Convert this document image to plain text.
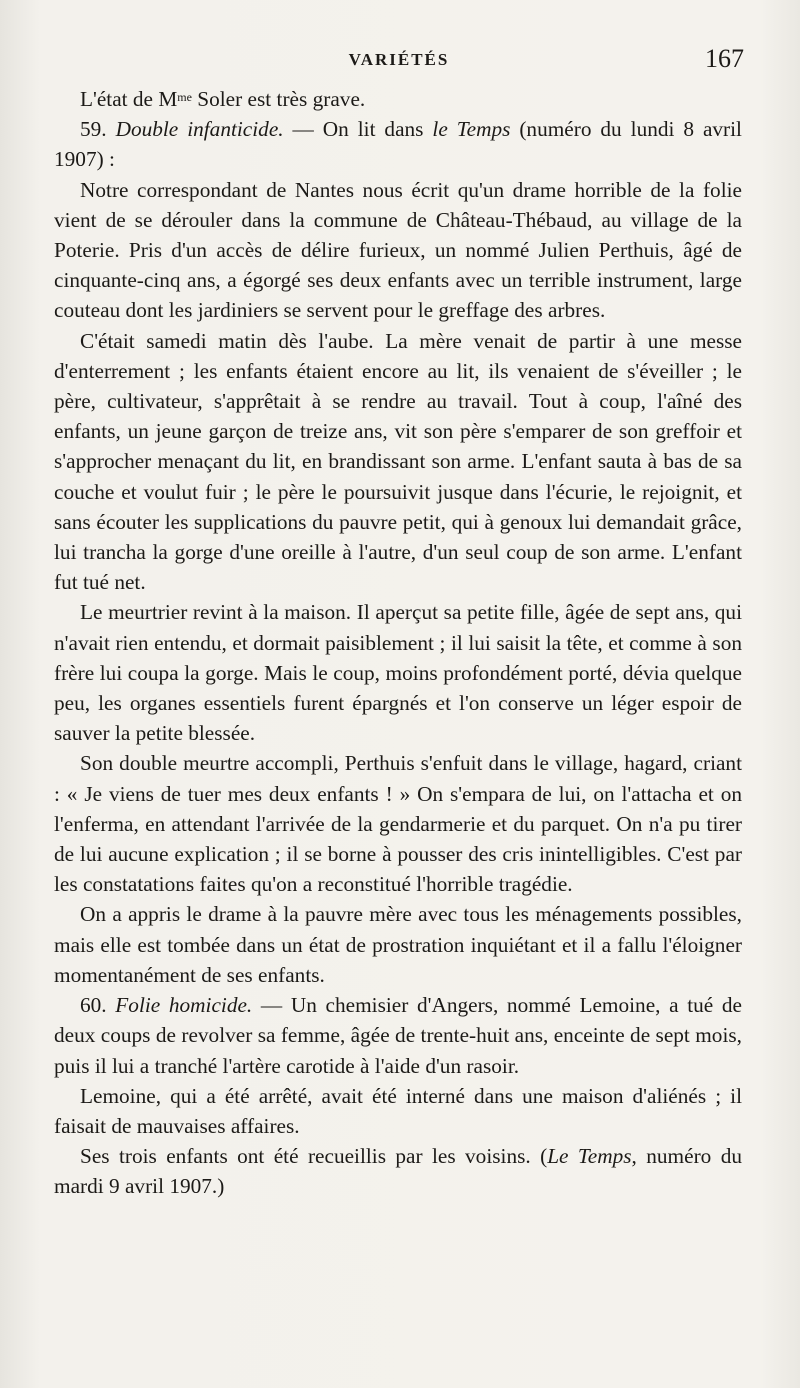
VARIÉTÉS	167

L'état de $M^{me}$ Soler est très grave.

59. Double infanticide. — On lit dans le Temps (numéro du lundi 8 avril 1907) :

Notre correspondant de Nantes nous écrit qu'un drame horrible de la folie vient de se dérouler dans la commune de Château-Thébaud, au village de la Poterie. Pris d'un accès de délire furieux, un nommé Julien Perthuis, âgé de cinquante-cinq ans, a égorgé ses deux enfants avec un terrible instrument, large couteau dont les jardiniers se servent pour le greffage des arbres.

C'était samedi matin dès l'aube. La mère venait de partir à une messe d'enterrement ; les enfants étaient encore au lit, ils venaient de s'éveiller ; le père, cultivateur, s'apprêtait à se rendre au travail. Tout à coup, l'aîné des enfants, un jeune garçon de treize ans, vit son père s'emparer de son greffoir et s'approcher menaçant du lit, en brandissant son arme. L'enfant sauta à bas de sa couche et voulut fuir ; le père le poursuivit jusque dans l'écurie, le rejoignit, et sans écouter les supplications du pauvre petit, qui à genoux lui demandait grâce, lui trancha la gorge d'une oreille à l'autre, d'un seul coup de son arme. L'enfant fut tué net.

Le meurtrier revint à la maison. Il aperçut sa petite fille, âgée de sept ans, qui n'avait rien entendu, et dormait paisiblement ; il lui saisit la tête, et comme à son frère lui coupa la gorge. Mais le coup, moins profondément porté, dévia quelque peu, les organes essentiels furent épargnés et l'on conserve un léger espoir de sauver la petite blessée.

Son double meurtre accompli, Perthuis s'enfuit dans le village, hagard, criant : « Je viens de tuer mes deux enfants ! » On s'empara de lui, on l'attacha et on l'enferma, en attendant l'arrivée de la gendarmerie et du parquet. On n'a pu tirer de lui aucune explication ; il se borne à pousser des cris inintelligibles. C'est par les constatations faites qu'on a reconstitué l'horrible tragédie.

On a appris le drame à la pauvre mère avec tous les ménagements possibles, mais elle est tombée dans un état de prostration inquiétant et il a fallu l'éloigner momentanément de ses enfants.

60. Folie homicide. — Un chemisier d'Angers, nommé Lemoine, a tué de deux coups de revolver sa femme, âgée de trente-huit ans, enceinte de sept mois, puis il lui a tranché l'artère carotide à l'aide d'un rasoir.

Lemoine, qui a été arrêté, avait été interné dans une maison d'aliénés ; il faisait de mauvaises affaires.

Ses trois enfants ont été recueillis par les voisins. (Le Temps, numéro du mardi 9 avril 1907.)
